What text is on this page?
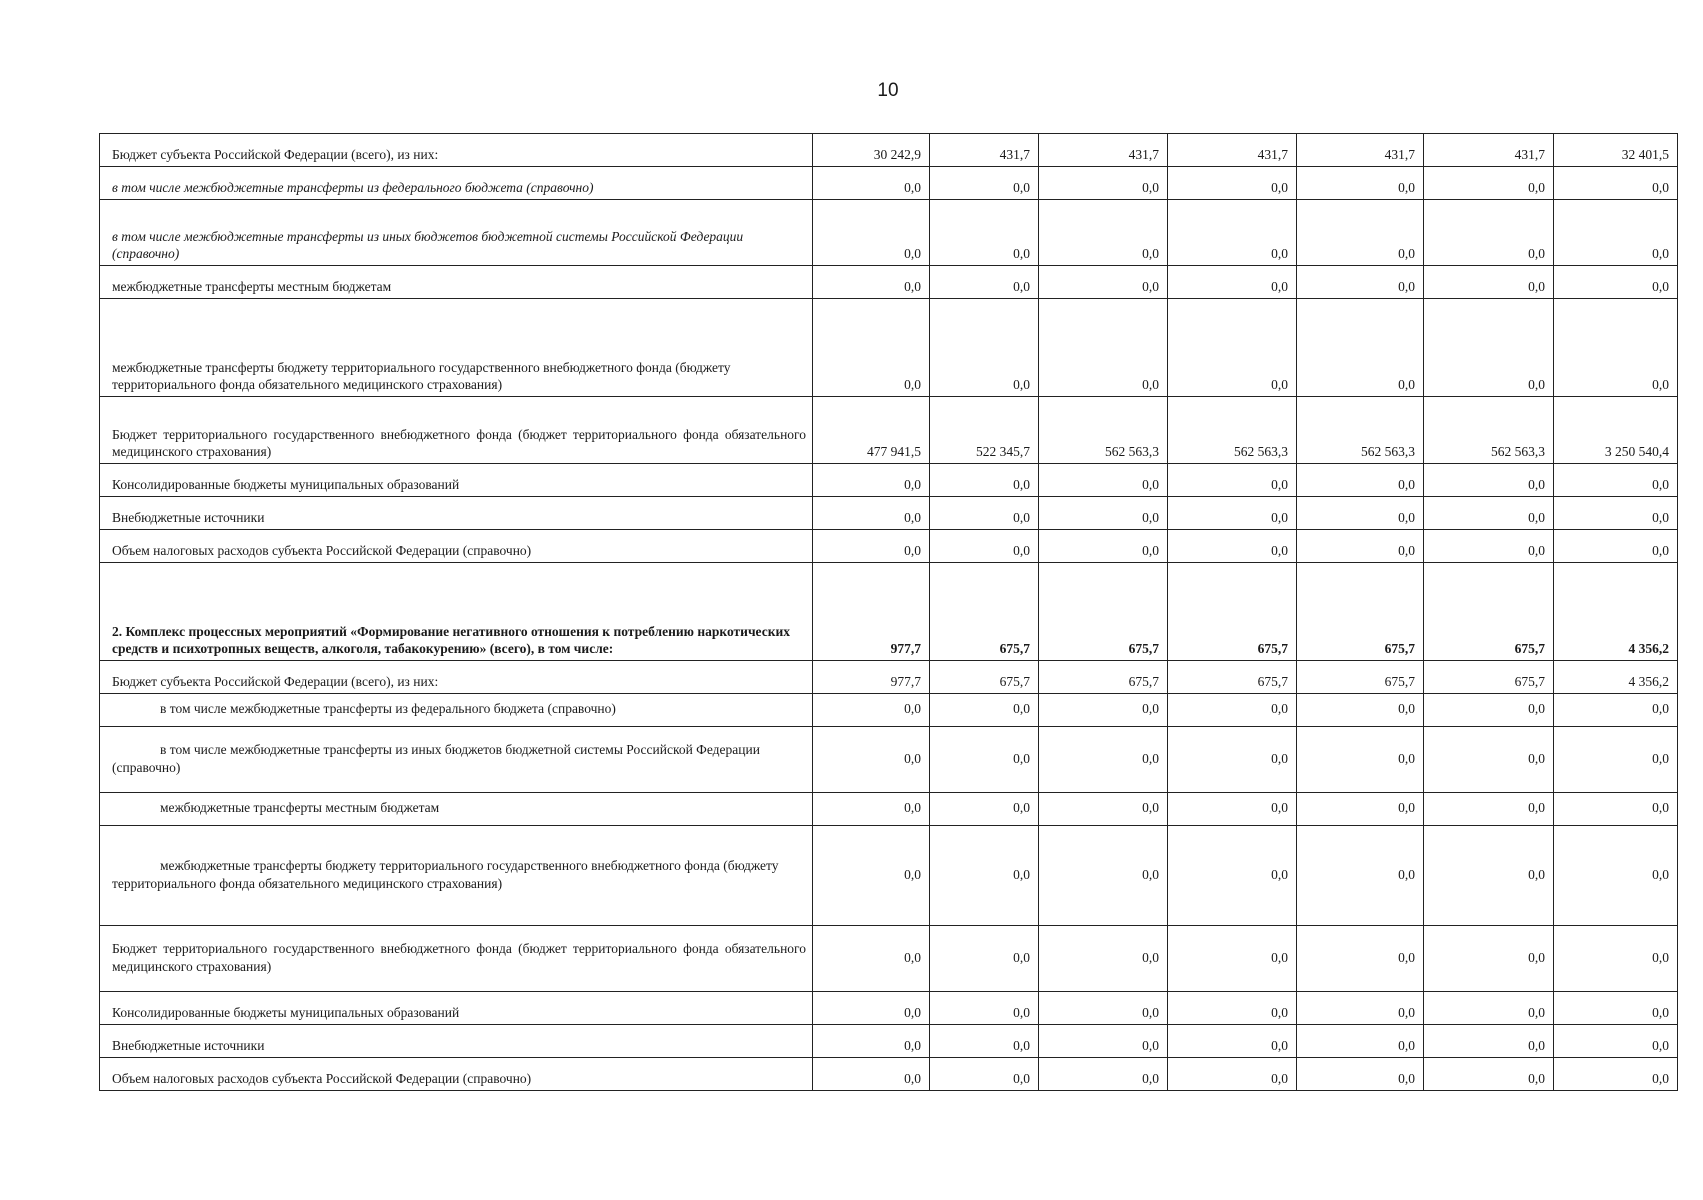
10
Бюджет субъекта Российской Федерации (всего), из них:	30 242,9	431,7	431,7	431,7	431,7	431,7	32 401,5
в том числе межбюджетные трансферты из федерального бюджета (справочно)	0,0	0,0	0,0	0,0	0,0	0,0	0,0
в том числе межбюджетные трансферты из иных бюджетов бюджетной системы Российской Федерации (справочно)	0,0	0,0	0,0	0,0	0,0	0,0	0,0
межбюджетные трансферты местным бюджетам	0,0	0,0	0,0	0,0	0,0	0,0	0,0
межбюджетные трансферты бюджету территориального государственного внебюджетного фонда (бюджету территориального фонда обязательного медицинского страхования)	0,0	0,0	0,0	0,0	0,0	0,0	0,0
Бюджет территориального государственного внебюджетного фонда (бюджет территориального фонда обязательного медицинского страхования)	477 941,5	522 345,7	562 563,3	562 563,3	562 563,3	562 563,3	3 250 540,4
Консолидированные бюджеты муниципальных образований	0,0	0,0	0,0	0,0	0,0	0,0	0,0
Внебюджетные источники	0,0	0,0	0,0	0,0	0,0	0,0	0,0
Объем налоговых расходов субъекта Российской Федерации (справочно)	0,0	0,0	0,0	0,0	0,0	0,0	0,0
2. Комплекс процессных мероприятий «Формирование негативного отношения к потреблению наркотических средств и психотропных веществ, алкоголя, табакокурению» (всего), в том числе:	977,7	675,7	675,7	675,7	675,7	675,7	4 356,2
Бюджет субъекта Российской Федерации (всего), из них:	977,7	675,7	675,7	675,7	675,7	675,7	4 356,2
в том числе межбюджетные трансферты из федерального бюджета (справочно)	0,0	0,0	0,0	0,0	0,0	0,0	0,0
в том числе межбюджетные трансферты из иных бюджетов бюджетной системы Российской Федерации (справочно)	0,0	0,0	0,0	0,0	0,0	0,0	0,0
межбюджетные трансферты местным бюджетам	0,0	0,0	0,0	0,0	0,0	0,0	0,0
межбюджетные трансферты бюджету территориального государственного внебюджетного фонда (бюджету территориального фонда обязательного медицинского страхования)	0,0	0,0	0,0	0,0	0,0	0,0	0,0
Бюджет территориального государственного внебюджетного фонда (бюджет территориального фонда обязательного медицинского страхования)	0,0	0,0	0,0	0,0	0,0	0,0	0,0
Консолидированные бюджеты муниципальных образований	0,0	0,0	0,0	0,0	0,0	0,0	0,0
Внебюджетные источники	0,0	0,0	0,0	0,0	0,0	0,0	0,0
Объем налоговых расходов субъекта Российской Федерации (справочно)	0,0	0,0	0,0	0,0	0,0	0,0	0,0
